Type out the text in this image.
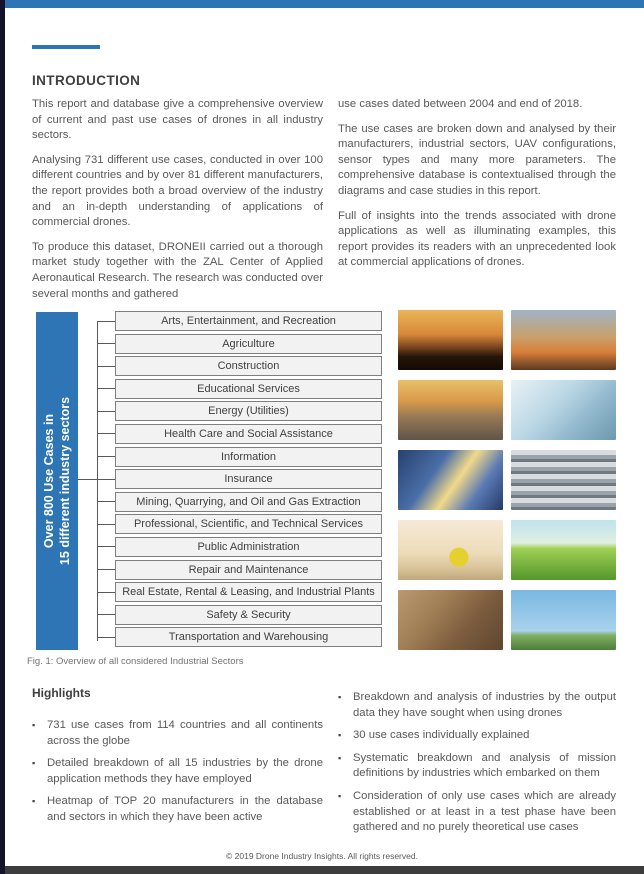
INTRODUCTION

This report and database give a comprehensive overview of current and past use cases of drones in all industry sectors.

Analysing 731 different use cases, conducted in over 100 different countries and by over 81 different manufacturers, the report provides both a broad overview of the industry and an in-depth understanding of applications of commercial drones.

To produce this dataset, DRONEII carried out a thorough market study together with the ZAL Center of Applied Aeronautical Research. The research was conducted over several months and gathered

use cases dated between 2004 and end of 2018.

The use cases are broken down and analysed by their manufacturers, industrial sectors, UAV configurations, sensor types and many more parameters. The comprehensive database is contextualised through the diagrams and case studies in this report.

Full of insights into the trends associated with drone applications as well as illuminating examples, this report provides its readers with an unprecedented look at commercial applications of drones.

Over 800 Use Cases in 15 different industry sectors
Arts, Entertainment, and Recreation
Agriculture
Construction
Educational Services
Energy (Utilities)
Health Care and Social Assistance
Information
Insurance
Mining, Quarrying, and Oil and Gas Extraction
Professional, Scientific, and Technical Services
Public Administration
Repair and Maintenance
Real Estate, Rental & Leasing, and Industrial Plants
Safety & Security
Transportation and Warehousing
Fig. 1: Overview of all considered Industrial Sectors
Highlights
▪	731 use cases from 114 countries and all continents across the globe
▪	Detailed breakdown of all 15 industries by the drone application methods they have employed
▪	Heatmap of TOP 20 manufacturers in the database and sectors in which they have been active
▪	Breakdown and analysis of industries by the output data they have sought when using drones
▪	30 use cases individually explained
▪	Systematic breakdown and analysis of mission definitions by industries which embarked on them
▪	Consideration of only use cases which are already established or at least in a test phase have been gathered and no purely theoretical use cases
© 2019 Drone Industry Insights. All rights reserved.
